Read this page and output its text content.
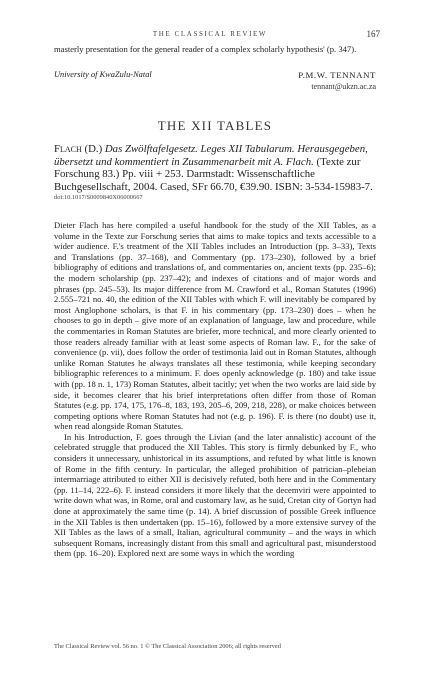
THE CLASSICAL REVIEW	167

masterly presentation for the general reader of a complex scholarly hypothesis' (p. 347).

University of KwaZulu-Natal	P.M.W. TENNANT
tennant@ukzn.ac.za
THE XII TABLES

Flach (D.) Das Zwölftafelgesetz. Leges XII Tabularum. Herausgegeben, übersetzt und kommentiert in Zusammenarbeit mit A. Flach. (Texte zur Forschung 83.) Pp. viii + 253. Darmstadt: Wissenschaftliche Buchgesellschaft, 2004. Cased, SFr 66.70, €39.90. ISBN: 3-534-15983-7.

doi:10.1017/S0009840X06000667

Dieter Flach has here compiled a useful handbook for the study of the XII Tables, as a volume in the Texte zur Forschung series that aims to make topics and texts accessible to a wider audience. F.'s treatment of the XII Tables includes an Introduction (pp. 3–33), Texts and Translations (pp. 37–168), and Commentary (pp. 173–230), followed by a brief bibliography of editions and translations of, and commentaries on, ancient texts (pp. 235–6); the modern scholarship (pp. 237–42); and indexes of citations and of major words and phrases (pp. 245–53). Its major difference from M. Crawford et al., Roman Statutes (1996) 2.555–721 no. 40, the edition of the XII Tables with which F. will inevitably be compared by most Anglophone scholars, is that F. in his commentary (pp. 173–230) does – when he chooses to go in depth – give more of an explanation of language, law and procedure, while the commentaries in Roman Statutes are briefer, more technical, and more clearly oriented to those readers already familiar with at least some aspects of Roman law. F., for the sake of convenience (p. vii), does follow the order of testimonia laid out in Roman Statutes, although unlike Roman Statutes he always translates all these testimonia, while keeping secondary bibliographic references to a minimum. F. does openly acknowledge (p. 180) and take issue with (pp. 18 n. 1, 173) Roman Statutes, albeit tacitly; yet when the two works are laid side by side, it becomes clearer that his brief interpretations often differ from those of Roman Statutes (e.g. pp. 174, 175, 176–8, 183, 193, 205–6, 209, 218, 228), or make choices between competing options where Roman Statutes had not (e.g. p. 196). F. is there (no doubt) use it, when read alongside Roman Statutes.

In his Introduction, F. goes through the Livian (and the later annalistic) account of the celebrated struggle that produced the XII Tables. This story is firmly debunked by F., who considers it unnecessary, unhistorical in its assumptions, and refuted by what little is known of Rome in the fifth century. In particular, the alleged prohibition of patrician–plebeian intermarriage attributed to either XII is decisively refuted, both here and in the Commentary (pp. 11–14, 222–6). F. instead considers it more likely that the decemviri were appointed to write down what was, in Rome, oral and customary law, as he suid, Cretan city of Gortyn had done at approximately the same time (p. 14). A brief discussion of possible Greek influence in the XII Tables is then undertaken (pp. 15–16), followed by a more extensive survey of the XII Tables as the laws of a small, Italian, agricultural community – and the ways in which subsequent Romans, increasingly distant from this small and agricultural past, misunderstood them (pp. 16–20). Explored next are some ways in which the wording

The Classical Review vol. 56 no. 1 © The Classical Association 2006; all rights reserved
